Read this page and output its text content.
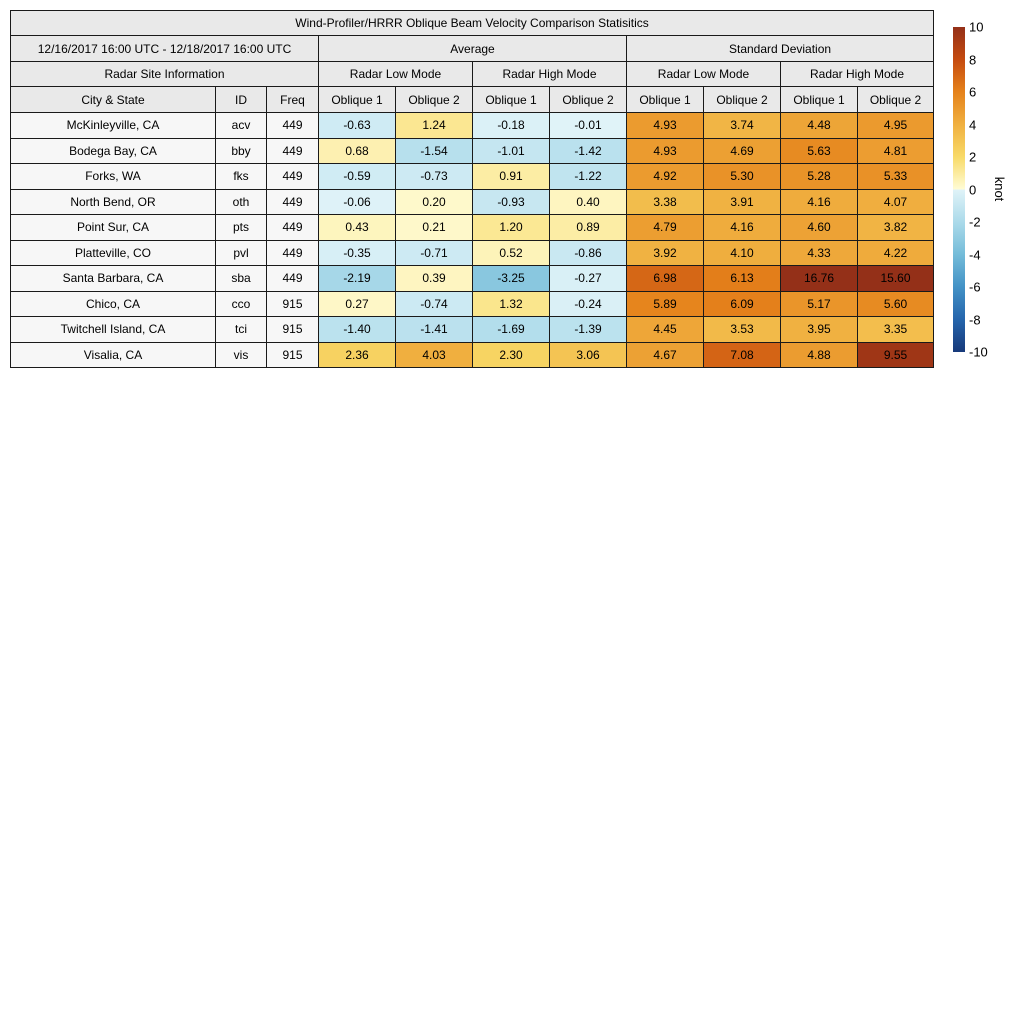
Wind-Profiler/HRRR Oblique Beam Velocity Comparison Statisitics										
12/16/2017 16:00 UTC - 12/18/2017 16:00 UTC			Average				Standard Deviation			
Radar Site Information			Radar Low Mode		Radar High Mode		Radar Low Mode		Radar High Mode	
City & State	ID	Freq	Oblique 1	Oblique 2	Oblique 1	Oblique 2	Oblique 1	Oblique 2	Oblique 1	Oblique 2
McKinleyville, CA	acv	449	-0.63	1.24	-0.18	-0.01	4.93	3.74	4.48	4.95
Bodega Bay, CA	bby	449	0.68	-1.54	-1.01	-1.42	4.93	4.69	5.63	4.81
Forks, WA	fks	449	-0.59	-0.73	0.91	-1.22	4.92	5.30	5.28	5.33
North Bend, OR	oth	449	-0.06	0.20	-0.93	0.40	3.38	3.91	4.16	4.07
Point Sur, CA	pts	449	0.43	0.21	1.20	0.89	4.79	4.16	4.60	3.82
Platteville, CO	pvl	449	-0.35	-0.71	0.52	-0.86	3.92	4.10	4.33	4.22
Santa Barbara, CA	sba	449	-2.19	0.39	-3.25	-0.27	6.98	6.13	16.76	15.60
Chico, CA	cco	915	0.27	-0.74	1.32	-0.24	5.89	6.09	5.17	5.60
Twitchell Island, CA	tci	915	-1.40	-1.41	-1.69	-1.39	4.45	3.53	3.95	3.35
Visalia, CA	vis	915	2.36	4.03	2.30	3.06	4.67	7.08	4.88	9.55
10
8
6
4
2
0
-2
-4
-6
-8
-10
knot
